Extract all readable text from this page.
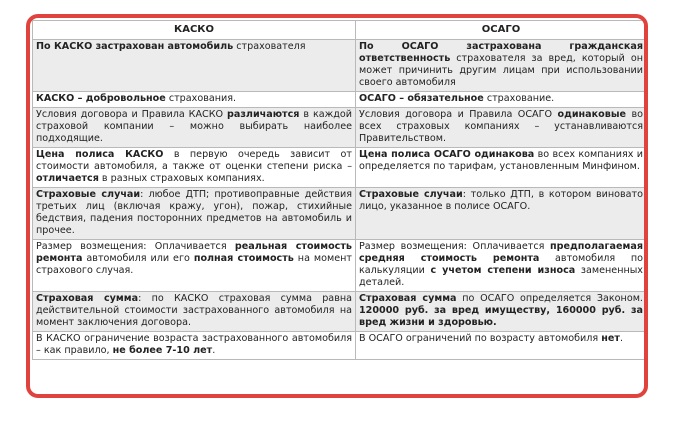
КАСКО	ОСАГО
По КАСКО застрахован автомобиль страхователя	По ОСАГО застрахована гражданская ответственность страхователя за вред, который он может причинить другим лицам при использовании своего автомобиля
КАСКО – добровольное страхования.	ОСАГО – обязательное страхование.
Условия договора и Правила КАСКО различаются в каждой страховой компании – можно выбирать наиболее подходящие.	Условия договора и Правила ОСАГО одинаковые во всех страховых компаниях – устанавливаются Правительством.
Цена полиса КАСКО в первую очередь зависит от стоимости автомобиля, а также от оценки степени риска – отличается в разных страховых компаниях.	Цена полиса ОСАГО одинакова во всех компаниях и определяется по тарифам, установленным Минфином.
Страховые случаи: любое ДТП; противоправные действия третьих лиц (включая кражу, угон), пожар, стихийные бедствия, падения посторонних предметов на автомобиль и прочее.	Страховые случаи: только ДТП, в котором виновато лицо, указанное в полисе ОСАГО.
Размер возмещения: Оплачивается реальная стоимость ремонта автомобиля или его полная стоимость на момент страхового случая.	Размер возмещения: Оплачивается предполагаемая средняя стоимость ремонта автомобиля по калькуляции с учетом степени износа замененных деталей.
Страховая сумма: по КАСКО страховая сумма равна действительной стоимости застрахованного автомобиля на момент заключения договора.	Страховая сумма по ОСАГО определяется Законом. 120000 руб. за вред имуществу, 160000 руб. за вред жизни и здоровью.
В КАСКО ограничение возраста застрахованного автомобиля – как правило, не более 7-10 лет.	В ОСАГО ограничений по возрасту автомобиля нет.
